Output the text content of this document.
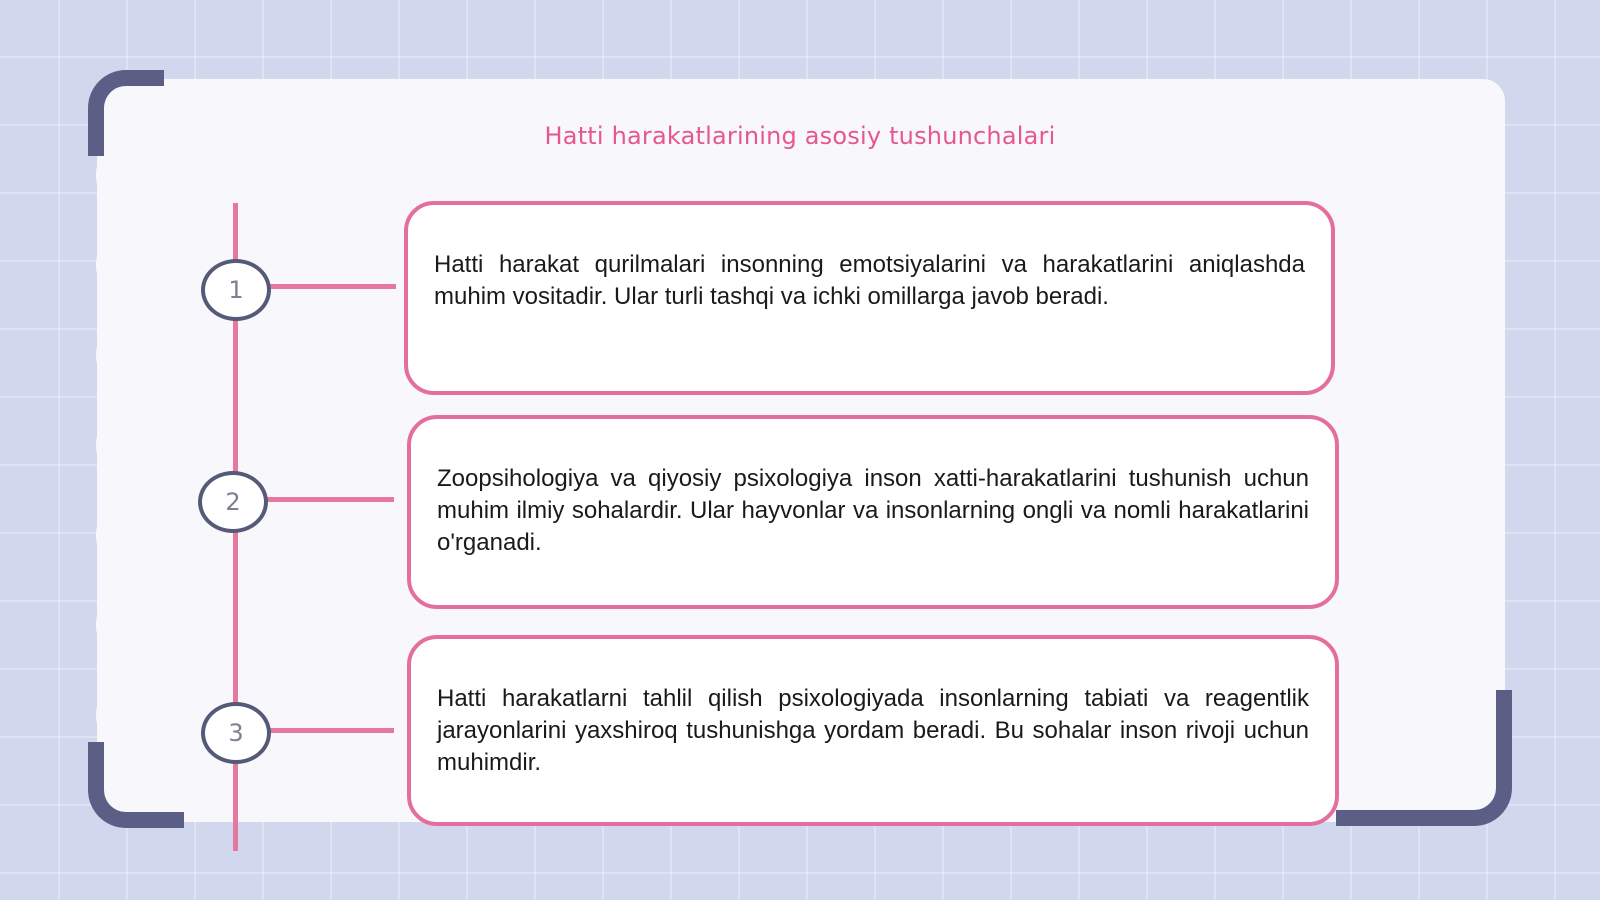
Hatti harakatlarining asosiy tushunchalari
1

Hatti harakat qurilmalari insonning emotsiyalarini va harakatlarini aniqlashda muhim vositadir. Ular turli tashqi va ichki omillarga javob beradi.

2

Zoopsihologiya va qiyosiy psixologiya inson xatti-harakatlarini tushunish uchun muhim ilmiy sohalardir. Ular hayvonlar va insonlarning ongli va nomli harakatlarini o'rganadi.

3

Hatti harakatlarni tahlil qilish psixologiyada insonlarning tabiati va reagentlik jarayonlarini yaxshiroq tushunishga yordam beradi. Bu sohalar inson rivoji uchun muhimdir.
